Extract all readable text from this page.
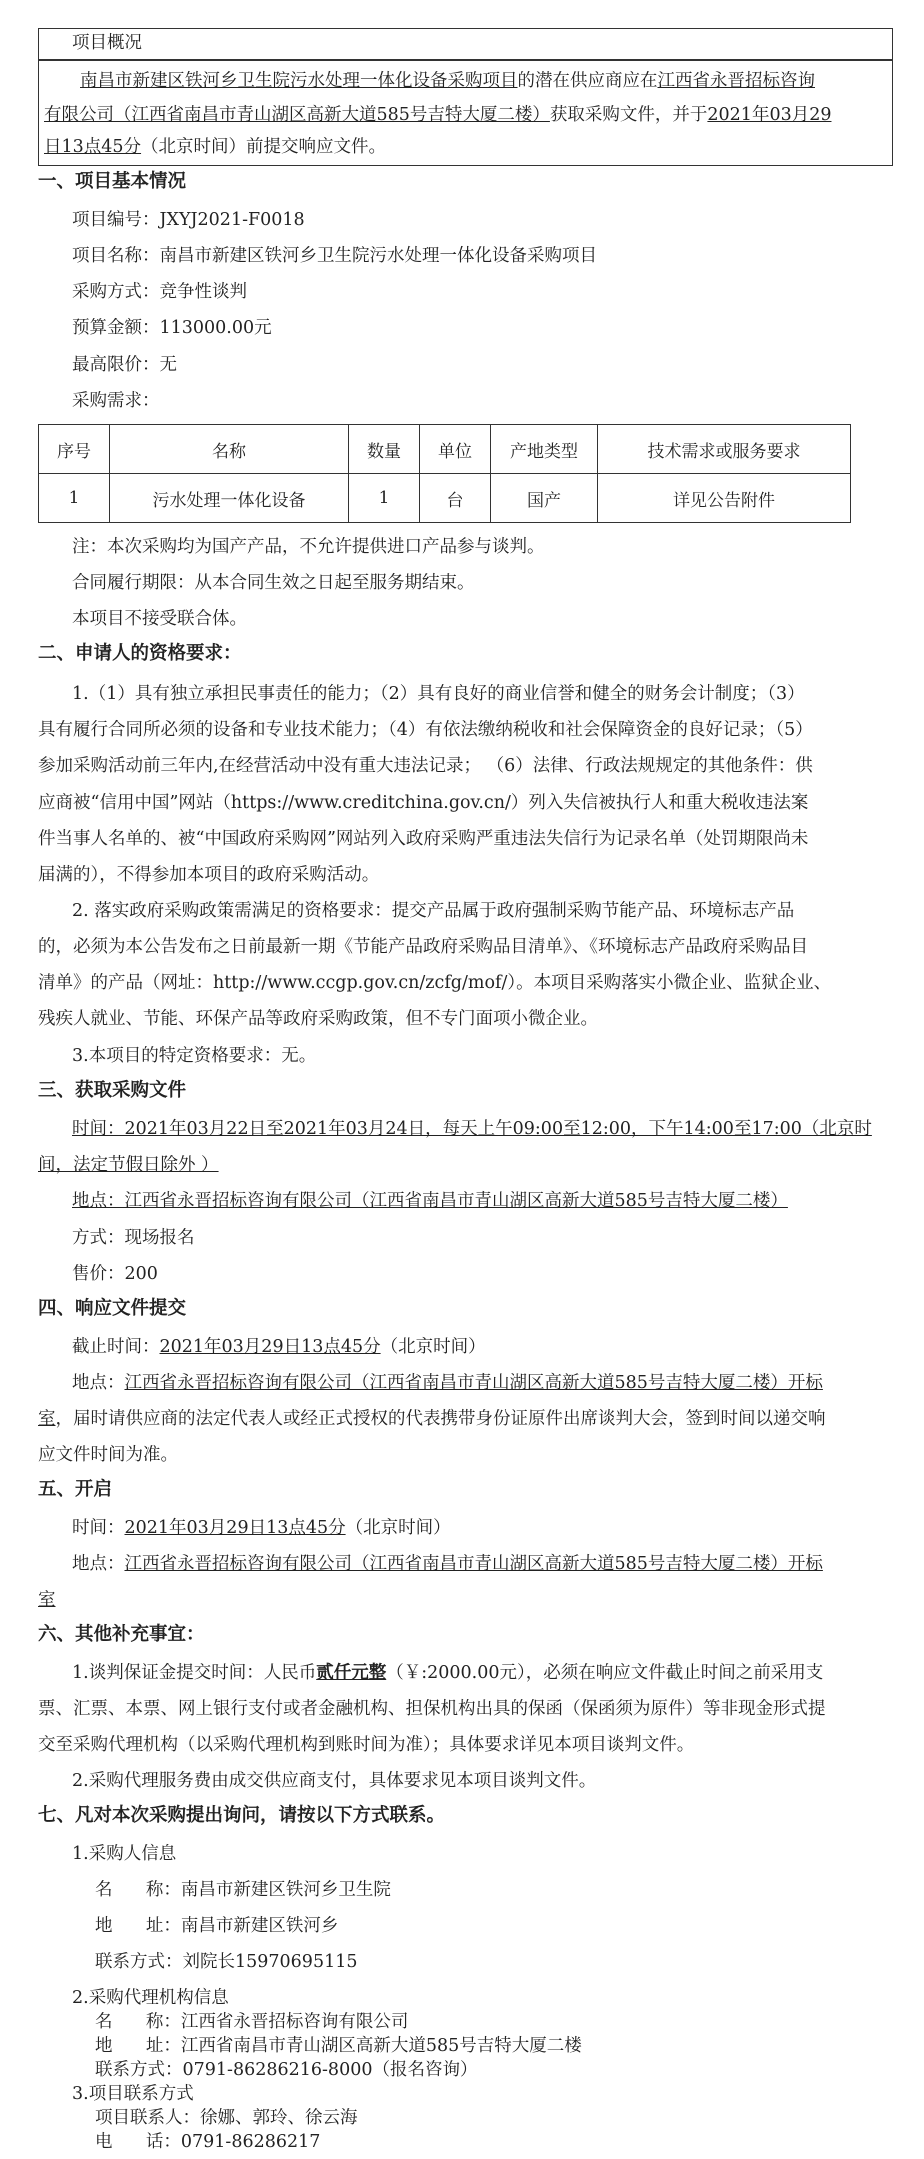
项目概况
南昌市新建区铁河乡卫生院污水处理一体化设备采购项目的潜在供应商应在江西省永晋招标咨询
有限公司（江西省南昌市青山湖区高新大道585号吉特大厦二楼）获取采购文件，并于2021年03月29
日13点45分（北京时间）前提交响应文件。
一、项目基本情况
项目编号：JXYJ2021-F0018
项目名称：南昌市新建区铁河乡卫生院污水处理一体化设备采购项目
采购方式：竞争性谈判
预算金额：113000.00元
最高限价：无
采购需求：
序号	名称	数量	单位	产地类型	技术需求或服务要求
1	污水处理一体化设备	1	台	国产	详见公告附件
注：本次采购均为国产产品，不允许提供进口产品参与谈判。
合同履行期限：从本合同生效之日起至服务期结束。
本项目不接受联合体。
二、申请人的资格要求：
1.（1）具有独立承担民事责任的能力；（2）具有良好的商业信誉和健全的财务会计制度；（3）
具有履行合同所必须的设备和专业技术能力；（4）有依法缴纳税收和社会保障资金的良好记录；（5）
参加采购活动前三年内,在经营活动中没有重大违法记录； （6）法律、行政法规规定的其他条件：供
应商被“信用中国”网站（https://www.creditchina.gov.cn/）列入失信被执行人和重大税收违法案
件当事人名单的、被“中国政府采购网”网站列入政府采购严重违法失信行为记录名单（处罚期限尚未
届满的），不得参加本项目的政府采购活动。
2. 落实政府采购政策需满足的资格要求：提交产品属于政府强制采购节能产品、环境标志产品
的，必须为本公告发布之日前最新一期《节能产品政府采购品目清单》、《环境标志产品政府采购品目
清单》的产品（网址：http://www.ccgp.gov.cn/zcfg/mof/）。本项目采购落实小微企业、监狱企业、
残疾人就业、节能、环保产品等政府采购政策，但不专门面项小微企业。
3.本项目的特定资格要求：无。
三、获取采购文件
时间：2021年03月22日至2021年03月24日，每天上午09:00至12:00，下午14:00至17:00（北京时
间，法定节假日除外 ）
地点：江西省永晋招标咨询有限公司（江西省南昌市青山湖区高新大道585号吉特大厦二楼）
方式：现场报名
售价：200
四、响应文件提交
截止时间：2021年03月29日13点45分（北京时间）
地点：江西省永晋招标咨询有限公司（江西省南昌市青山湖区高新大道585号吉特大厦二楼）开标
室，届时请供应商的法定代表人或经正式授权的代表携带身份证原件出席谈判大会，签到时间以递交响
应文件时间为准。
五、开启
时间：2021年03月29日13点45分（北京时间）
地点：江西省永晋招标咨询有限公司（江西省南昌市青山湖区高新大道585号吉特大厦二楼）开标
室
六、其他补充事宜：
1.谈判保证金提交时间：人民币贰仟元整（￥:2000.00元），必须在响应文件截止时间之前采用支
票、汇票、本票、网上银行支付或者金融机构、担保机构出具的保函（保函须为原件）等非现金形式提
交至采购代理机构（以采购代理机构到账时间为准）；具体要求详见本项目谈判文件。
2.采购代理服务费由成交供应商支付，具体要求见本项目谈判文件。
七、凡对本次采购提出询问，请按以下方式联系。
1.采购人信息
名      称：南昌市新建区铁河乡卫生院
地      址：南昌市新建区铁河乡
联系方式：刘院长15970695115
2.采购代理机构信息
名      称：江西省永晋招标咨询有限公司
地      址：江西省南昌市青山湖区高新大道585号吉特大厦二楼
联系方式：0791-86286216-8000（报名咨询）
3.项目联系方式
项目联系人：徐娜、郭玲、徐云海
电      话：0791-86286217
